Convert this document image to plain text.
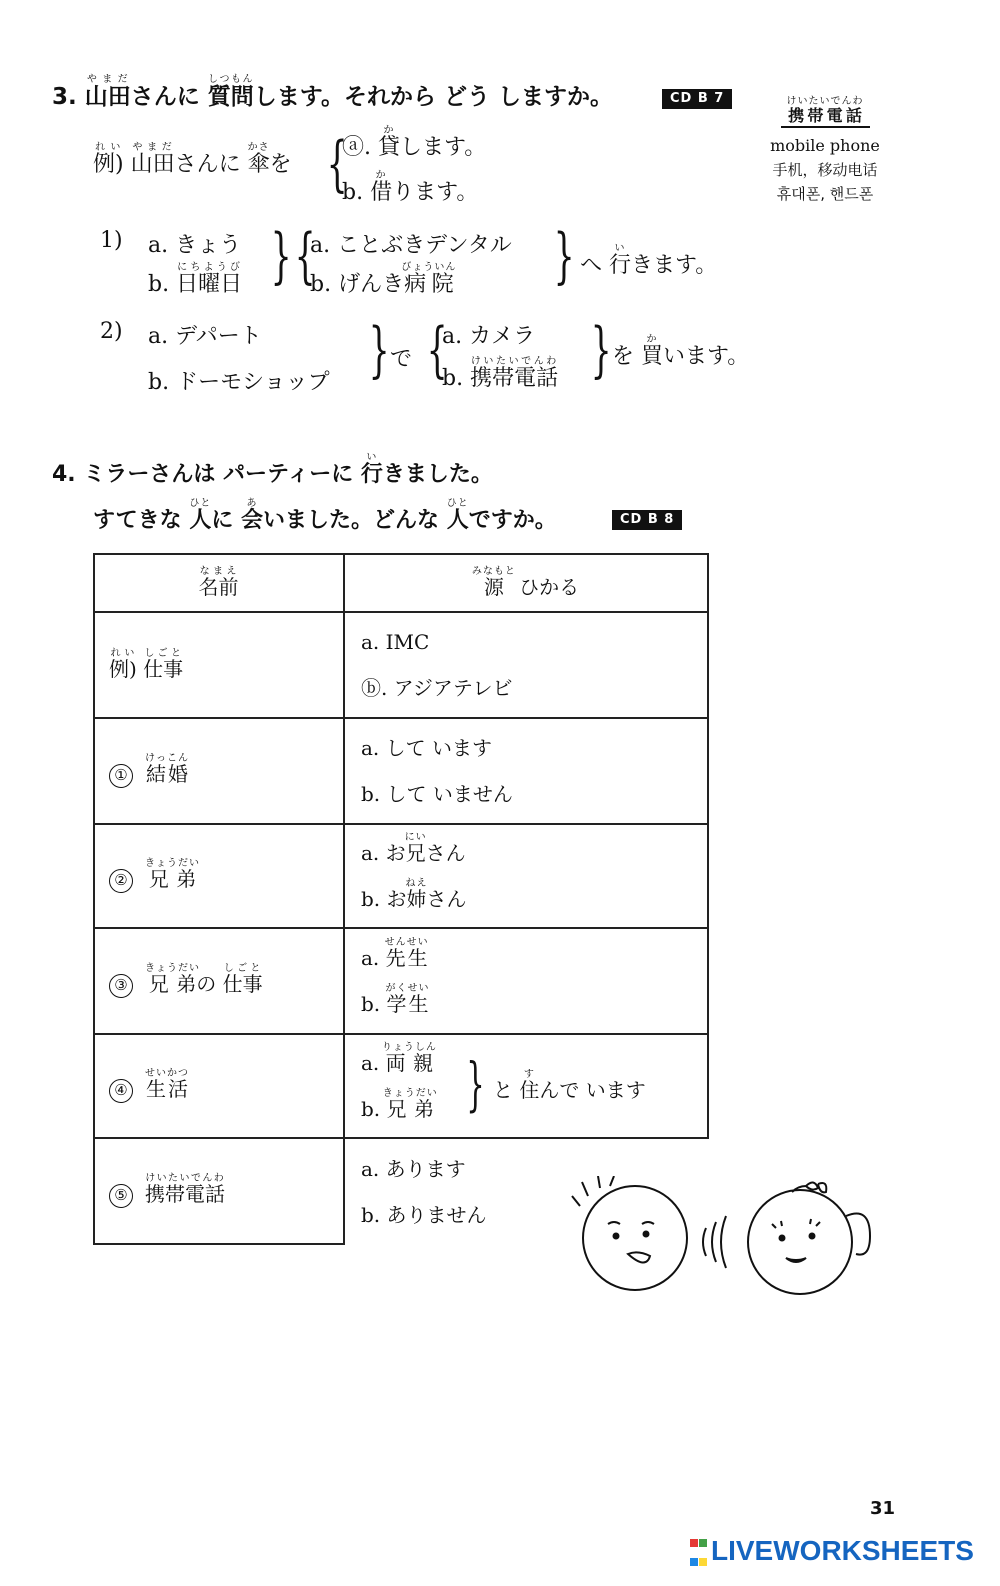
3. 山田やまださんに 質問しつもんします。それから どう しますか。	CD B 7
例)れい 山田やまださんに 傘かさを {
ⓐ. 貸かします。
b. 借かります。
1) a. きょう
b. 日曜日にちようび } {
a. ことぶきデンタル
b. げんき病院びょういん } へ 行いきます。
2) a. デパート
b. ドーモショップ } で {
a. カメラ
b. 携帯電話けいたいでんわ } を 買かいます。
携帯電話けいたいでんわ
mobile phone
手机，移动电话
휴대폰, 핸드폰
4. ミラーさんは パーティーに 行いきました。
すてきな 人ひとに 会あいました。どんな 人ひとですか。	CD B 8
名前なまえ	源みなもと ひかる
例)れい 仕事しごと	a. IMC
ⓑ. アジアテレビ

① 結婚けっこん	a. して います
b. して いません

② 兄弟きょうだい	a. お兄にいさん
b. お姉ねえさん

③ 兄弟きょうだいの 仕事しごと	a. 先生せんせい
b. 学生がくせい

④ 生活せいかつ	a. 両親りょうしん
b. 兄弟きょうだい } と 住すんで います

⑤ 携帯電話けいたいでんわ	a. あります
b. ありません
31

LIVEWORKSHEETS
